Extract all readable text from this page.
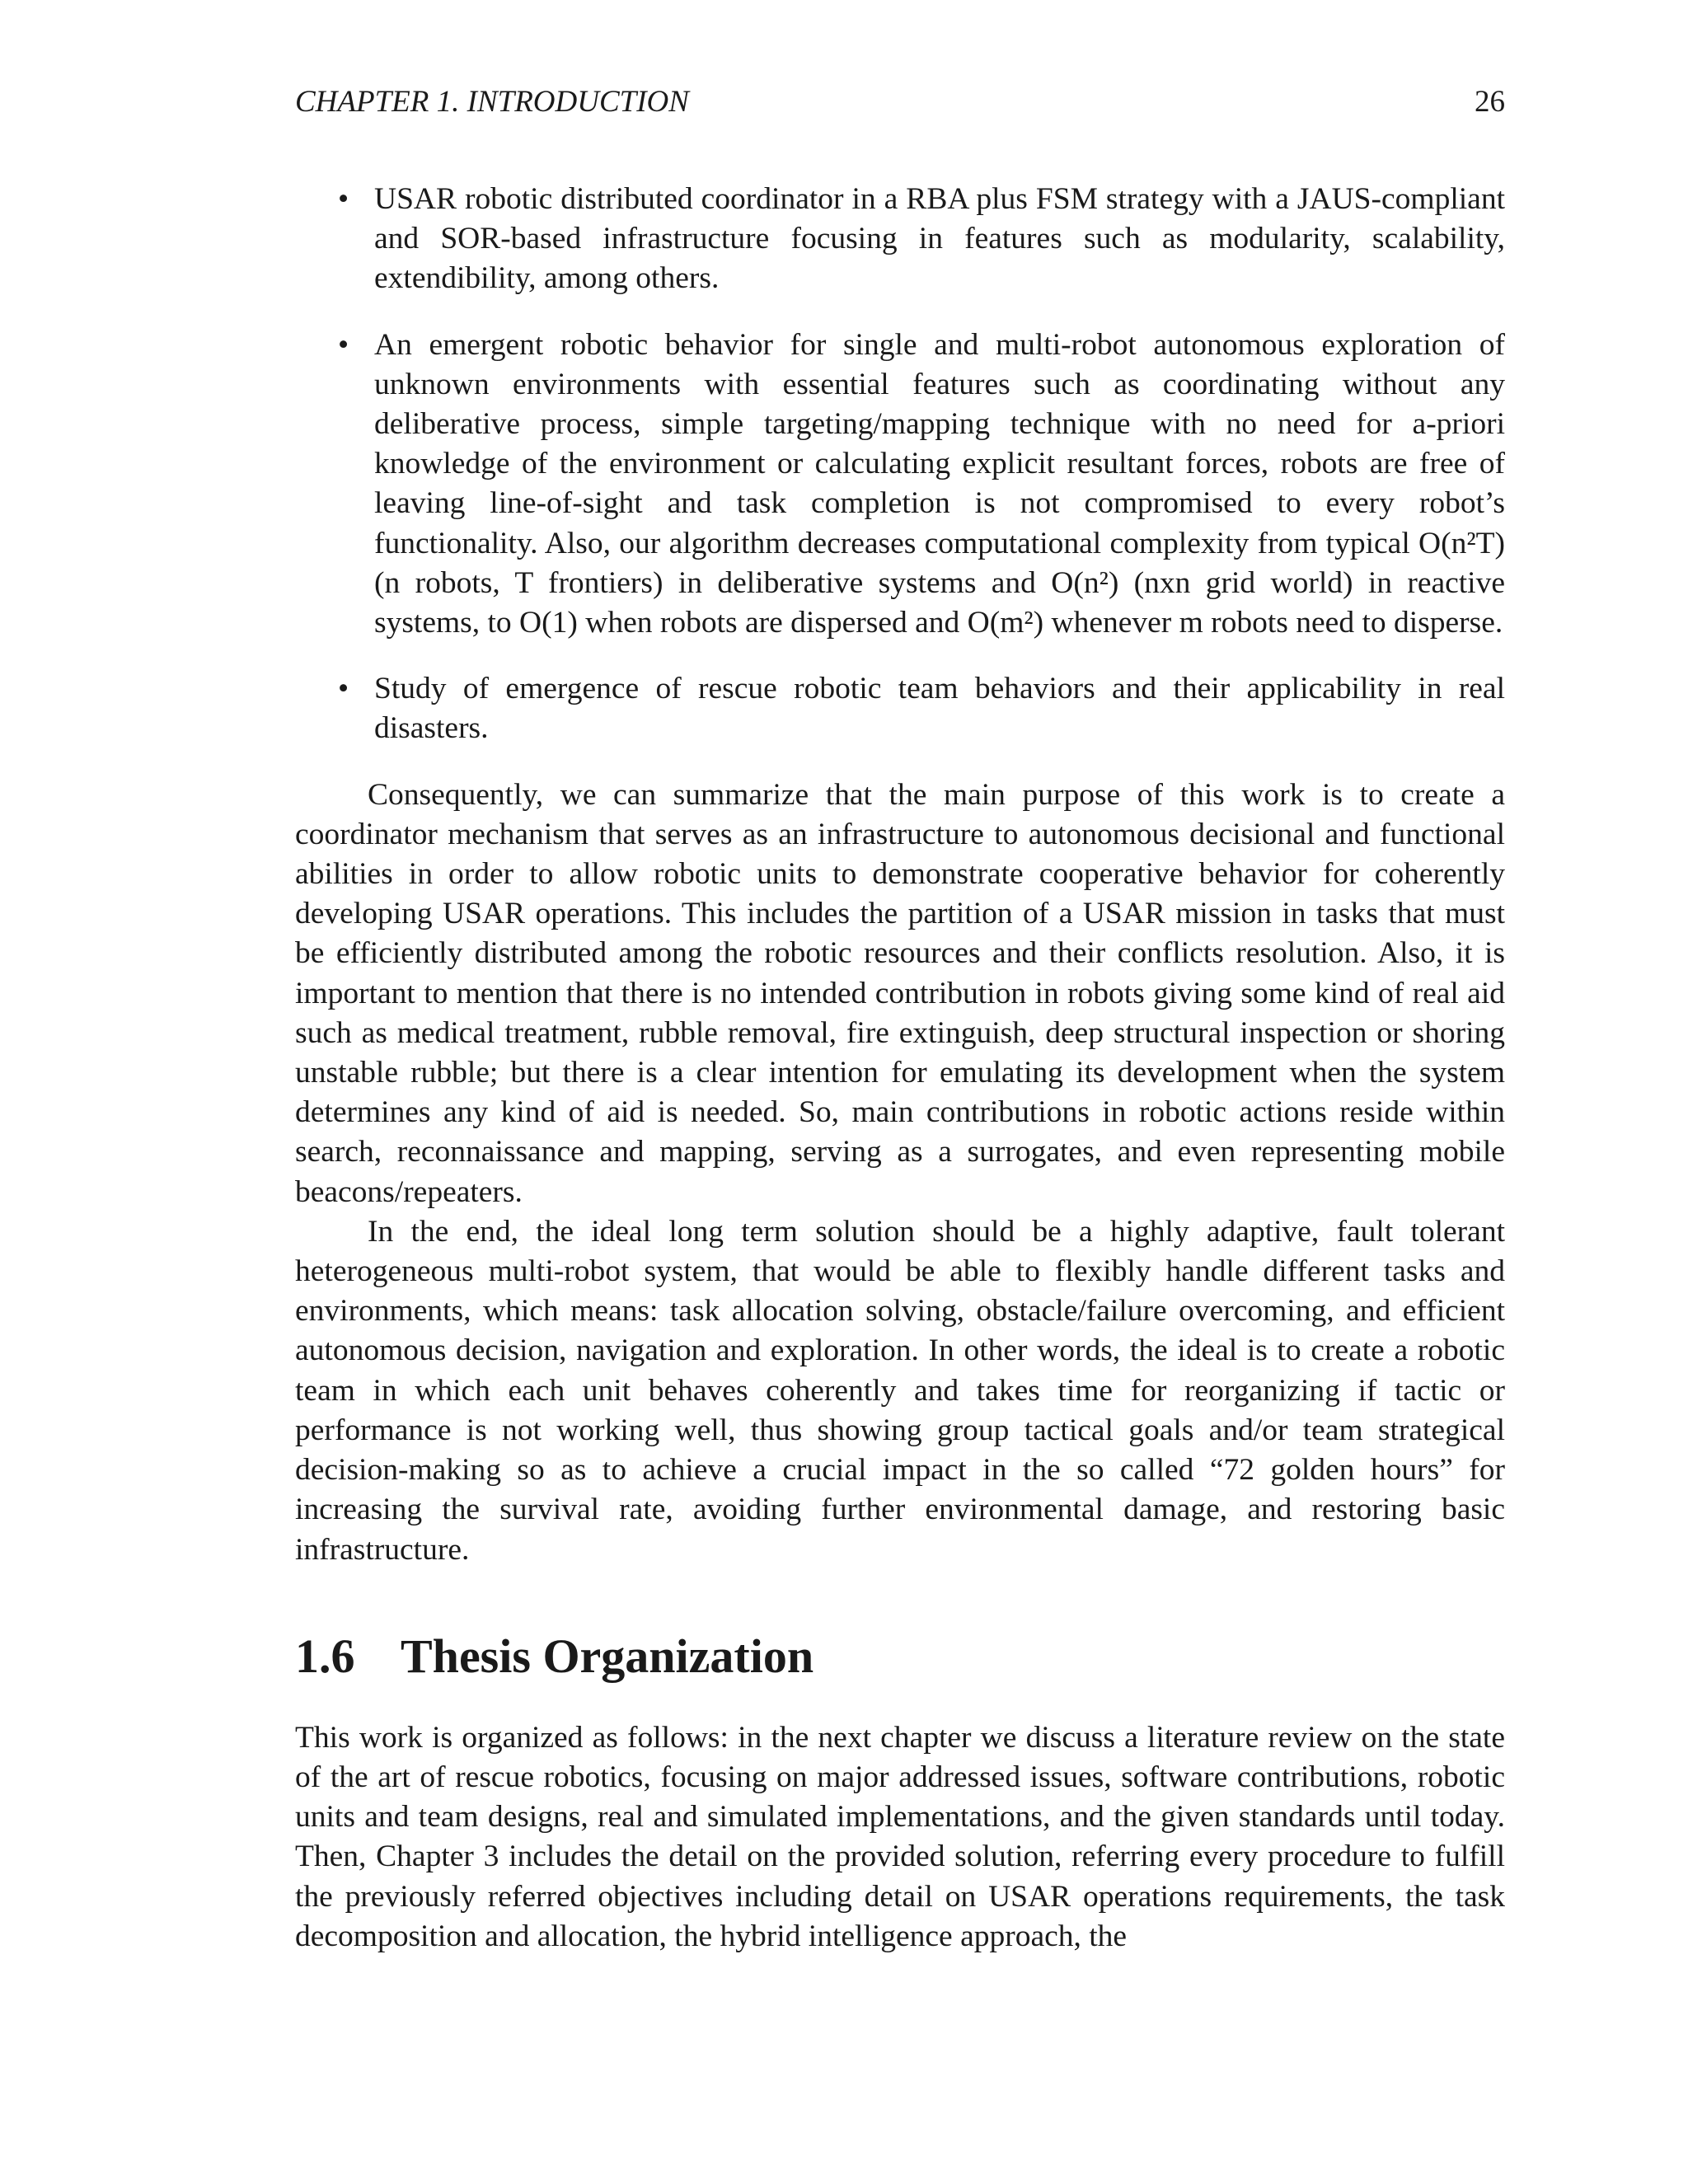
CHAPTER 1. INTRODUCTION	26
• USAR robotic distributed coordinator in a RBA plus FSM strategy with a JAUS-compliant and SOR-based infrastructure focusing in features such as modularity, scalability, extendibility, among others.
• An emergent robotic behavior for single and multi-robot autonomous exploration of unknown environments with essential features such as coordinating without any deliberative process, simple targeting/mapping technique with no need for a-priori knowledge of the environment or calculating explicit resultant forces, robots are free of leaving line-of-sight and task completion is not compromised to every robot’s functionality. Also, our algorithm decreases computational complexity from typical O(n²T) (n robots, T frontiers) in deliberative systems and O(n²) (nxn grid world) in reactive systems, to O(1) when robots are dispersed and O(m²) whenever m robots need to disperse.
• Study of emergence of rescue robotic team behaviors and their applicability in real disasters.

Consequently, we can summarize that the main purpose of this work is to create a coordinator mechanism that serves as an infrastructure to autonomous decisional and functional abilities in order to allow robotic units to demonstrate cooperative behavior for coherently developing USAR operations. This includes the partition of a USAR mission in tasks that must be efficiently distributed among the robotic resources and their conflicts resolution. Also, it is important to mention that there is no intended contribution in robots giving some kind of real aid such as medical treatment, rubble removal, fire extinguish, deep structural inspection or shoring unstable rubble; but there is a clear intention for emulating its development when the system determines any kind of aid is needed. So, main contributions in robotic actions reside within search, reconnaissance and mapping, serving as a surrogates, and even representing mobile beacons/repeaters.

In the end, the ideal long term solution should be a highly adaptive, fault tolerant heterogeneous multi-robot system, that would be able to flexibly handle different tasks and environments, which means: task allocation solving, obstacle/failure overcoming, and efficient autonomous decision, navigation and exploration. In other words, the ideal is to create a robotic team in which each unit behaves coherently and takes time for reorganizing if tactic or performance is not working well, thus showing group tactical goals and/or team strategical decision-making so as to achieve a crucial impact in the so called “72 golden hours” for increasing the survival rate, avoiding further environmental damage, and restoring basic infrastructure.

1.6 Thesis Organization

This work is organized as follows: in the next chapter we discuss a literature review on the state of the art of rescue robotics, focusing on major addressed issues, software contributions, robotic units and team designs, real and simulated implementations, and the given standards until today. Then, Chapter 3 includes the detail on the provided solution, referring every procedure to fulfill the previously referred objectives including detail on USAR operations requirements, the task decomposition and allocation, the hybrid intelligence approach, the
